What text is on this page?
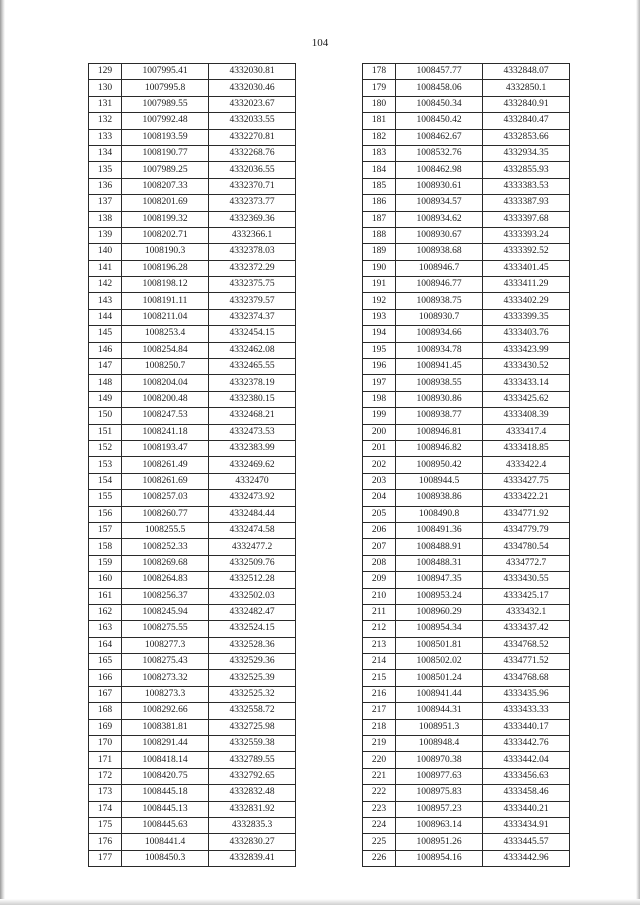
104
129	1007995.41	4332030.81
130	1007995.8	4332030.46
131	1007989.55	4332023.67
132	1007992.48	4332033.55
133	1008193.59	4332270.81
134	1008190.77	4332268.76
135	1007989.25	4332036.55
136	1008207.33	4332370.71
137	1008201.69	4332373.77
138	1008199.32	4332369.36
139	1008202.71	4332366.1
140	1008190.3	4332378.03
141	1008196.28	4332372.29
142	1008198.12	4332375.75
143	1008191.11	4332379.57
144	1008211.04	4332374.37
145	1008253.4	4332454.15
146	1008254.84	4332462.08
147	1008250.7	4332465.55
148	1008204.04	4332378.19
149	1008200.48	4332380.15
150	1008247.53	4332468.21
151	1008241.18	4332473.53
152	1008193.47	4332383.99
153	1008261.49	4332469.62
154	1008261.69	4332470
155	1008257.03	4332473.92
156	1008260.77	4332484.44
157	1008255.5	4332474.58
158	1008252.33	4332477.2
159	1008269.68	4332509.76
160	1008264.83	4332512.28
161	1008256.37	4332502.03
162	1008245.94	4332482.47
163	1008275.55	4332524.15
164	1008277.3	4332528.36
165	1008275.43	4332529.36
166	1008273.32	4332525.39
167	1008273.3	4332525.32
168	1008292.66	4332558.72
169	1008381.81	4332725.98
170	1008291.44	4332559.38
171	1008418.14	4332789.55
172	1008420.75	4332792.65
173	1008445.18	4332832.48
174	1008445.13	4332831.92
175	1008445.63	4332835.3
176	1008441.4	4332830.27
177	1008450.3	4332839.41
178	1008457.77	4332848.07
179	1008458.06	4332850.1
180	1008450.34	4332840.91
181	1008450.42	4332840.47
182	1008462.67	4332853.66
183	1008532.76	4332934.35
184	1008462.98	4332855.93
185	1008930.61	4333383.53
186	1008934.57	4333387.93
187	1008934.62	4333397.68
188	1008930.67	4333393.24
189	1008938.68	4333392.52
190	1008946.7	4333401.45
191	1008946.77	4333411.29
192	1008938.75	4333402.29
193	1008930.7	4333399.35
194	1008934.66	4333403.76
195	1008934.78	4333423.99
196	1008941.45	4333430.52
197	1008938.55	4333433.14
198	1008930.86	4333425.62
199	1008938.77	4333408.39
200	1008946.81	4333417.4
201	1008946.82	4333418.85
202	1008950.42	4333422.4
203	1008944.5	4333427.75
204	1008938.86	4333422.21
205	1008490.8	4334771.92
206	1008491.36	4334779.79
207	1008488.91	4334780.54
208	1008488.31	4334772.7
209	1008947.35	4333430.55
210	1008953.24	4333425.17
211	1008960.29	4333432.1
212	1008954.34	4333437.42
213	1008501.81	4334768.52
214	1008502.02	4334771.52
215	1008501.24	4334768.68
216	1008941.44	4333435.96
217	1008944.31	4333433.33
218	1008951.3	4333440.17
219	1008948.4	4333442.76
220	1008970.38	4333442.04
221	1008977.63	4333456.63
222	1008975.83	4333458.46
223	1008957.23	4333440.21
224	1008963.14	4333434.91
225	1008951.26	4333445.57
226	1008954.16	4333442.96
